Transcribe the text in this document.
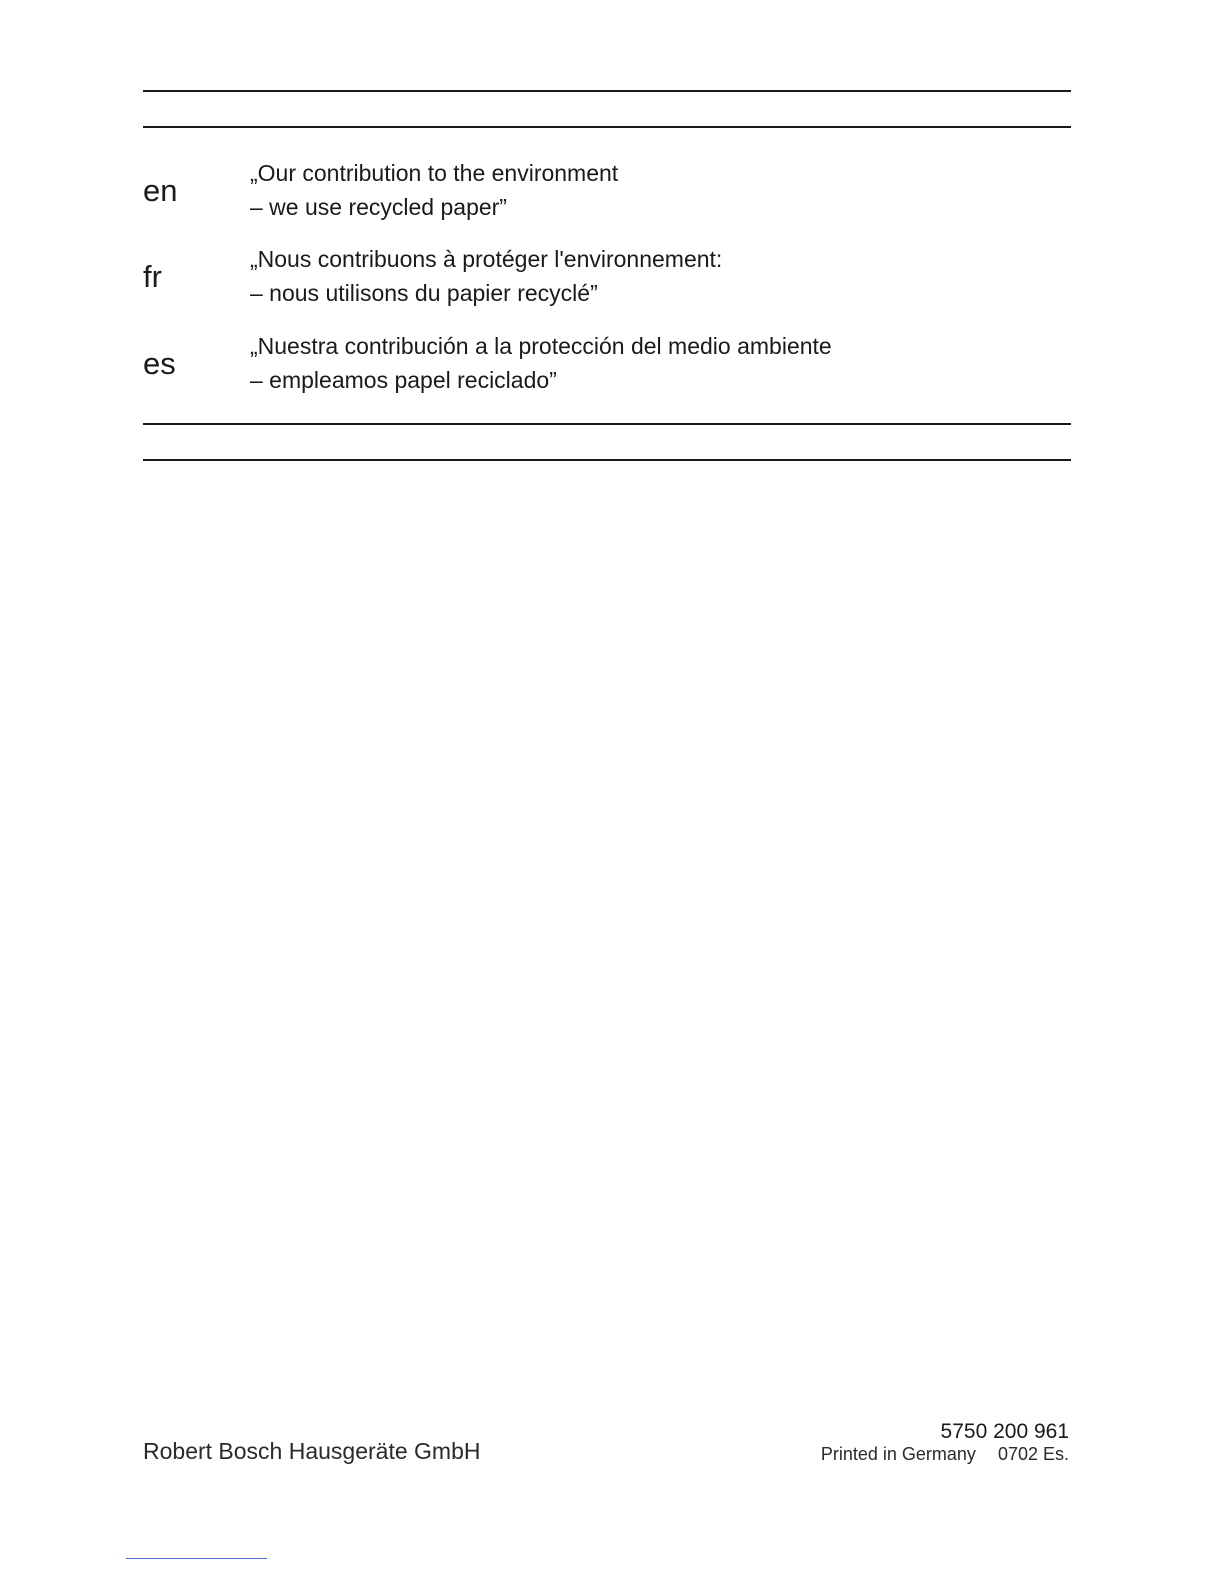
en	„Our contribution to the environment
– we use recycled paper”
fr	„Nous contribuons à protéger l'environnement:
– nous utilisons du papier recyclé”
es	„Nuestra contribución a la protección del medio ambiente
– empleamos papel reciclado”
Robert Bosch Hausgeräte GmbH
5750 200 961
Printed in Germany 0702 Es.
